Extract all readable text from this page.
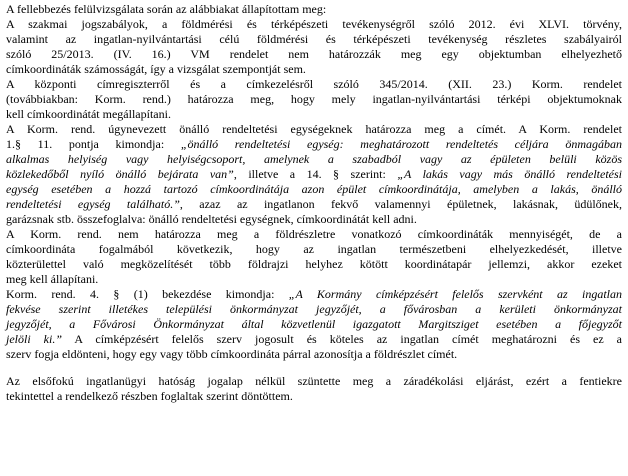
A fellebbezés felülvizsgálata során az alábbiakat állapítottam meg:
A szakmai jogszabályok, a földmérési és térképészeti tevékenységről szóló 2012. évi XLVI. törvény,
valamint az ingatlan-nyilvántartási célú földmérési és térképészeti tevékenység részletes szabályairól
szóló 25/2013. (IV. 16.) VM rendelet nem határozzák meg egy objektumban elhelyezhető
címkoordináták számosságát, így a vizsgálat szempontját sem.
A központi címregiszterről és a címkezelésről szóló 345/2014. (XII. 23.) Korm. rendelet
(továbbiakban: Korm. rend.) határozza meg, hogy mely ingatlan-nyilvántartási térképi objektumoknak
kell címkoordinátát megállapítani.
A Korm. rend. úgynevezett önálló rendeltetési egységeknek határozza meg a címét. A Korm. rendelet
1.§ 11. pontja kimondja: „önálló rendeltetési egység: meghatározott rendeltetés céljára önmagában
alkalmas helyiség vagy helyiségcsoport, amelynek a szabadból vagy az épületen belüli közös
közlekedőből nyíló önálló bejárata van”, illetve a 14. § szerint: „A lakás vagy más önálló rendeltetési
egység esetében a hozzá tartozó címkoordinátája azon épület címkoordinátája, amelyben a lakás, önálló
rendeltetési egység található.”, azaz az ingatlanon fekvő valamennyi épületnek, lakásnak, üdülőnek,
garázsnak stb. összefoglalva: önálló rendeltetési egységnek, címkoordinátát kell adni.
A Korm. rend. nem határozza meg a földrészletre vonatkozó címkoordináták mennyiségét, de a
címkoordináta fogalmából következik, hogy az ingatlan természetbeni elhelyezkedését, illetve
közterülettel való megközelítését több földrajzi helyhez kötött koordinátapár jellemzi, akkor ezeket
meg kell állapítani.
Korm. rend. 4. § (1) bekezdése kimondja: „A Kormány címképzésért felelős szervként az ingatlan
fekvése szerint illetékes települési önkormányzat jegyzőjét, a fővárosban a kerületi önkormányzat
jegyzőjét, a Fővárosi Önkormányzat által közvetlenül igazgatott Margitsziget esetében a főjegyzőt
jelöli ki.” A címképzésért felelős szerv jogosult és köteles az ingatlan címét meghatározni és ez a
szerv fogja eldönteni, hogy egy vagy több címkoordináta párral azonosítja a földrészlet címét.
Az elsőfokú ingatlanügyi hatóság jogalap nélkül szüntette meg a záradékolási eljárást, ezért a fentiekre
tekintettel a rendelkező részben foglaltak szerint döntöttem.
